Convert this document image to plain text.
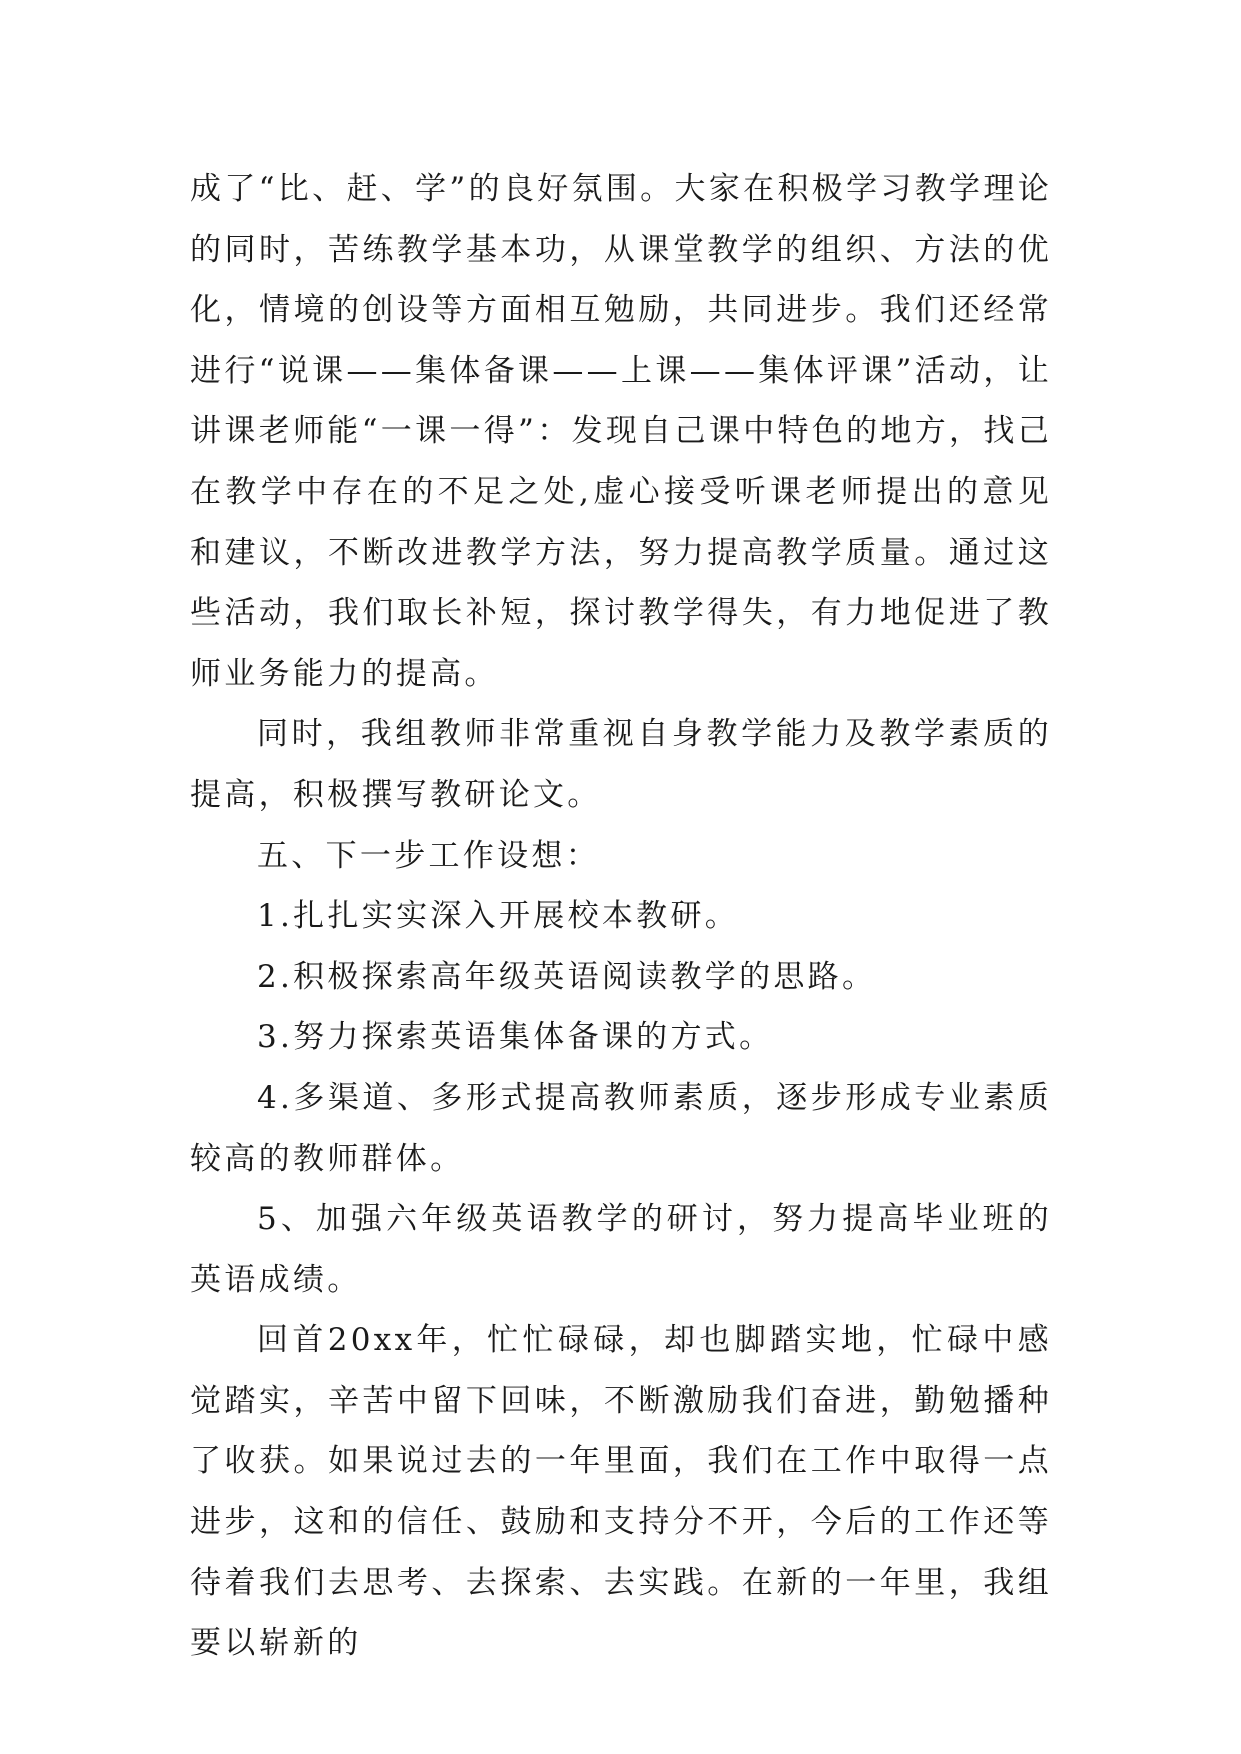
成了“比、赶、学”的良好氛围。大家在积极学习教学理论的同时，苦练教学基本功，从课堂教学的组织、方法的优化，情境的创设等方面相互勉励，共同进步。我们还经常进行“说课——集体备课——上课——集体评课”活动，让讲课老师能“一课一得”：发现自己课中特色的地方，找己在教学中存在的不足之处,虚心接受听课老师提出的意见和建议，不断改进教学方法，努力提高教学质量。通过这些活动，我们取长补短，探讨教学得失，有力地促进了教师业务能力的提高。

同时，我组教师非常重视自身教学能力及教学素质的提高，积极撰写教研论文。

五、下一步工作设想：

1.扎扎实实深入开展校本教研。

2.积极探索高年级英语阅读教学的思路。

3.努力探索英语集体备课的方式。

4.多渠道、多形式提高教师素质，逐步形成专业素质较高的教师群体。

5、加强六年级英语教学的研讨，努力提高毕业班的英语成绩。

回首20xx年，忙忙碌碌，却也脚踏实地，忙碌中感觉踏实，辛苦中留下回味，不断激励我们奋进，勤勉播种了收获。如果说过去的一年里面，我们在工作中取得一点进步，这和的信任、鼓励和支持分不开，今后的工作还等待着我们去思考、去探索、去实践。在新的一年里，我组要以崭新的
